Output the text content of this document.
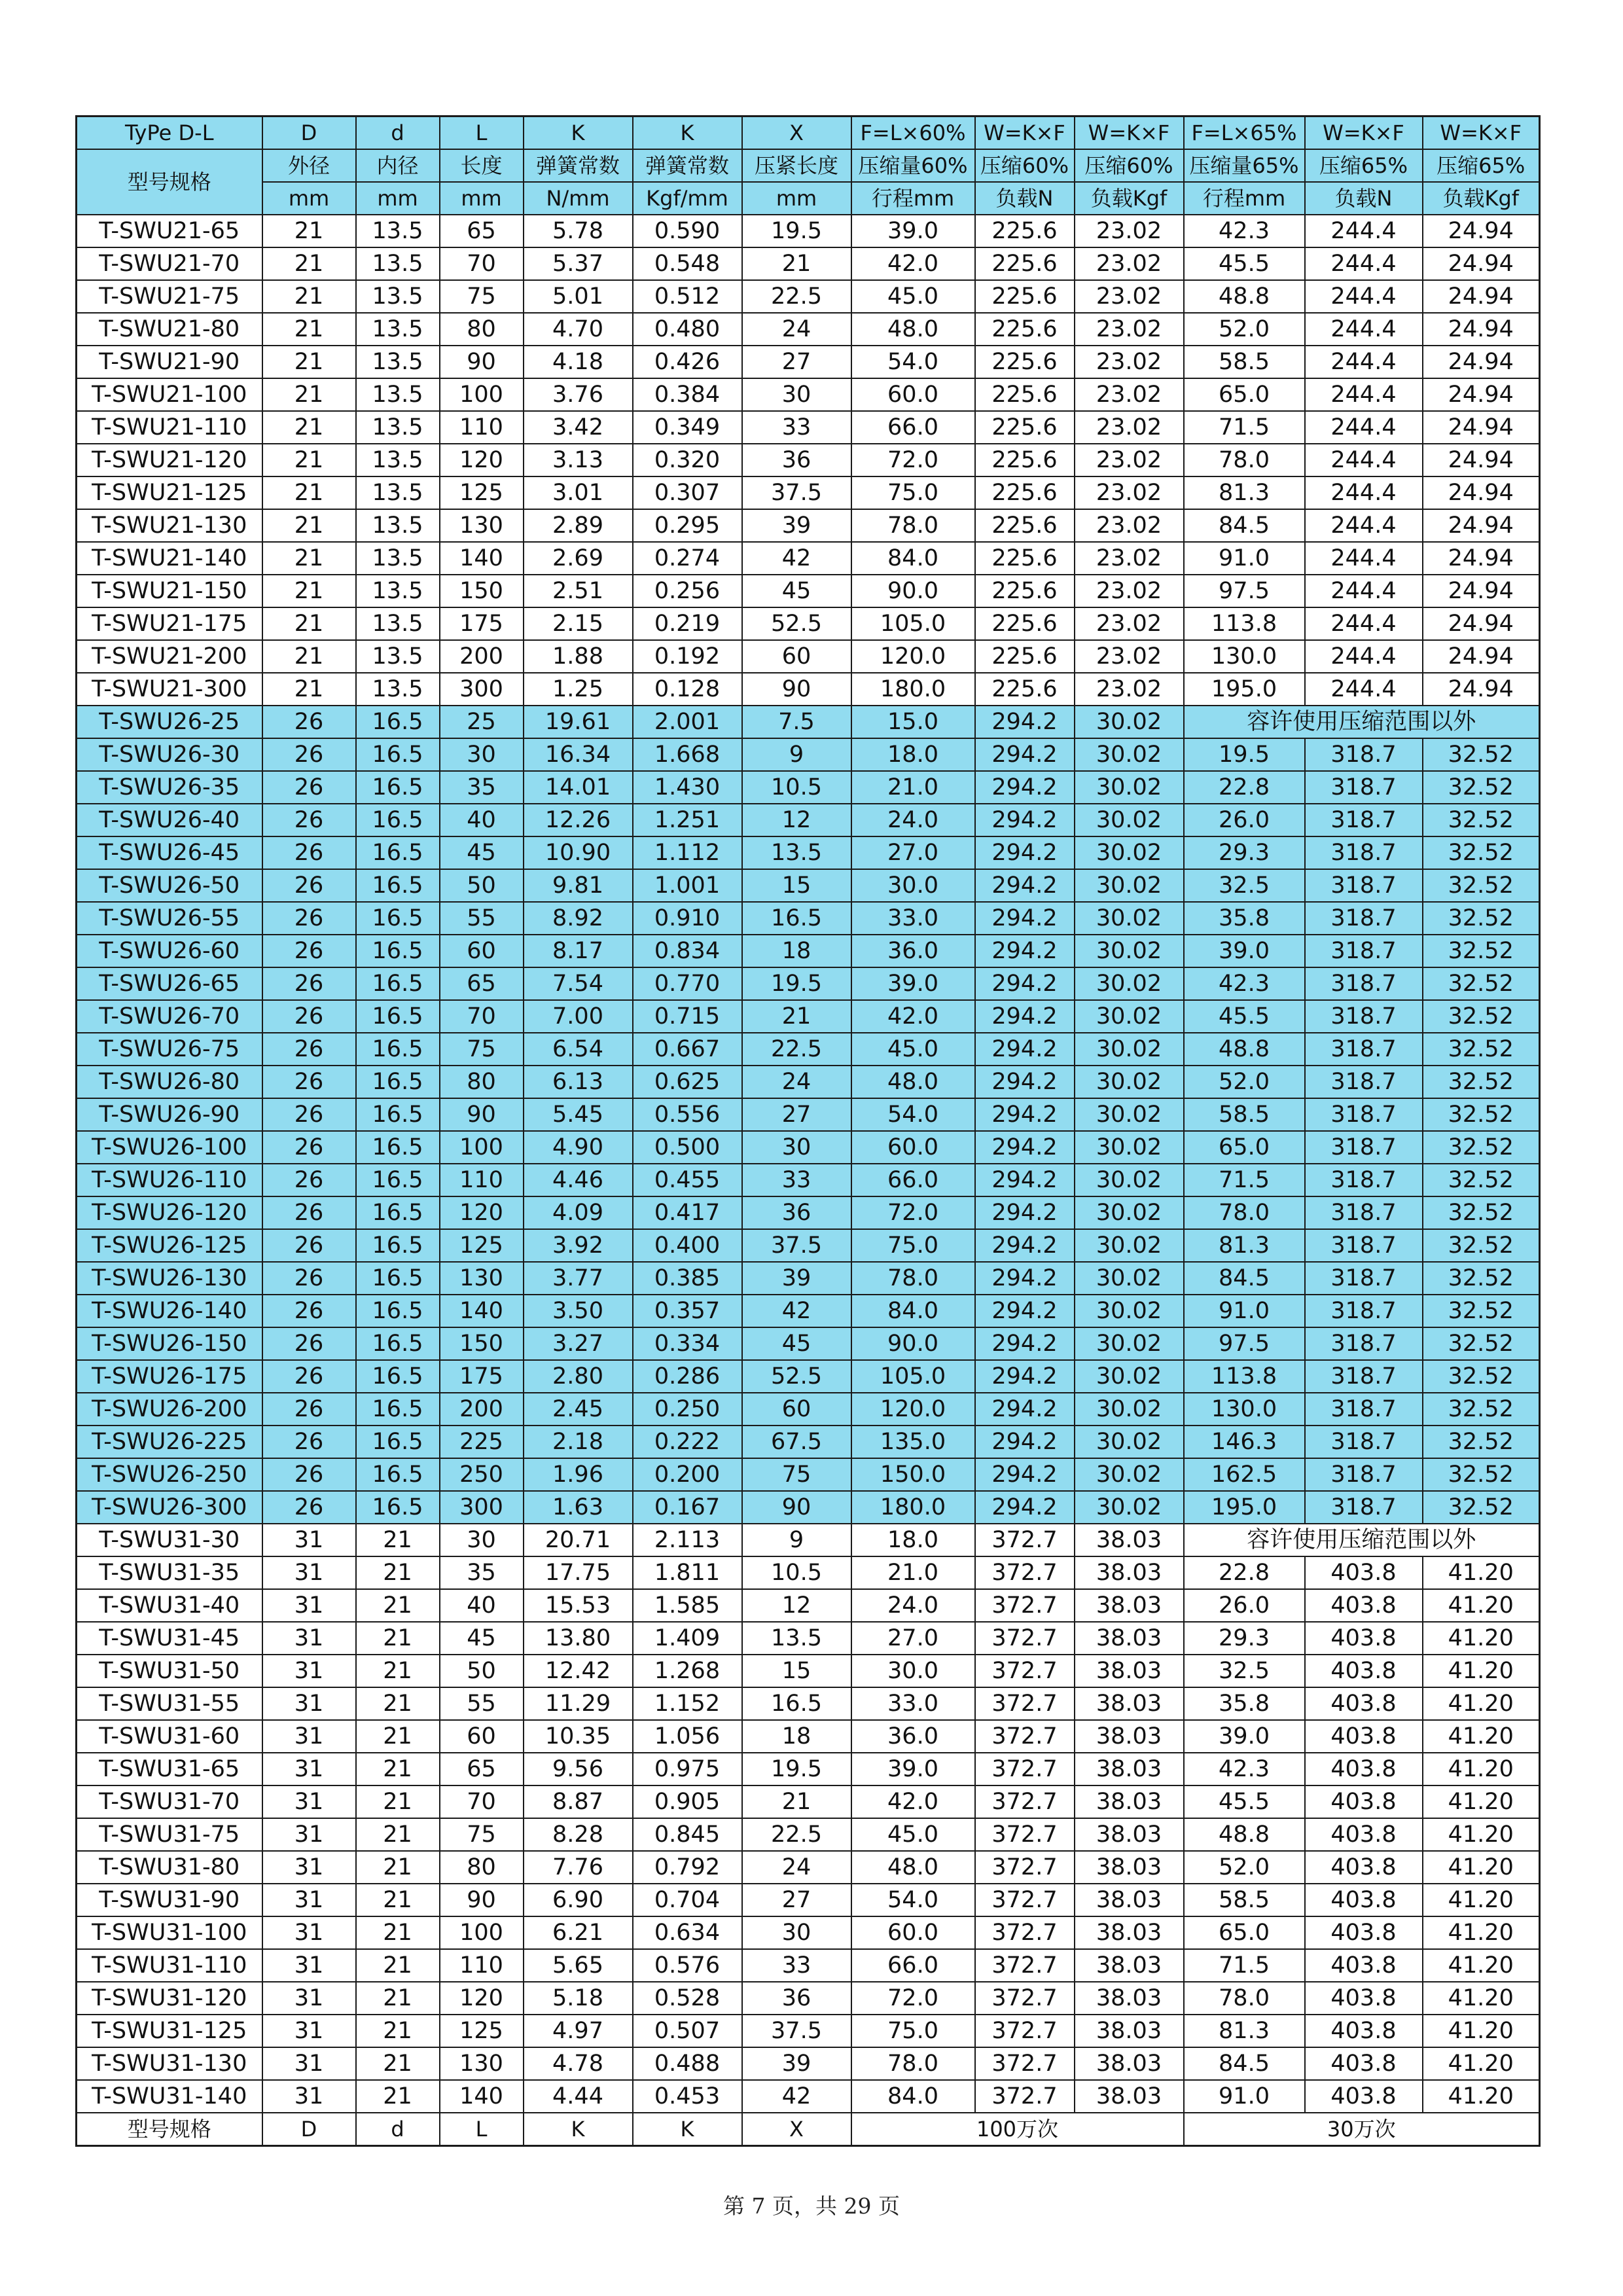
TyPe D-L	D	d	L	K	K	X	F=L×60%	W=K×F	W=K×F	F=L×65%	W=K×F	W=K×F
型号规格	外径	内径	长度	弹簧常数	弹簧常数	压紧长度	压缩量60%	压缩60%	压缩60%	压缩量65%	压缩65%	压缩65%
	mm	mm	mm	N/mm	Kgf/mm	mm	行程mm	负载N	负载Kgf	行程mm	负载N	负载Kgf
T-SWU21-65	21	13.5	65	5.78	0.590	19.5	39.0	225.6	23.02	42.3	244.4	24.94
T-SWU21-70	21	13.5	70	5.37	0.548	21	42.0	225.6	23.02	45.5	244.4	24.94
T-SWU21-75	21	13.5	75	5.01	0.512	22.5	45.0	225.6	23.02	48.8	244.4	24.94
T-SWU21-80	21	13.5	80	4.70	0.480	24	48.0	225.6	23.02	52.0	244.4	24.94
T-SWU21-90	21	13.5	90	4.18	0.426	27	54.0	225.6	23.02	58.5	244.4	24.94
T-SWU21-100	21	13.5	100	3.76	0.384	30	60.0	225.6	23.02	65.0	244.4	24.94
T-SWU21-110	21	13.5	110	3.42	0.349	33	66.0	225.6	23.02	71.5	244.4	24.94
T-SWU21-120	21	13.5	120	3.13	0.320	36	72.0	225.6	23.02	78.0	244.4	24.94
T-SWU21-125	21	13.5	125	3.01	0.307	37.5	75.0	225.6	23.02	81.3	244.4	24.94
T-SWU21-130	21	13.5	130	2.89	0.295	39	78.0	225.6	23.02	84.5	244.4	24.94
T-SWU21-140	21	13.5	140	2.69	0.274	42	84.0	225.6	23.02	91.0	244.4	24.94
T-SWU21-150	21	13.5	150	2.51	0.256	45	90.0	225.6	23.02	97.5	244.4	24.94
T-SWU21-175	21	13.5	175	2.15	0.219	52.5	105.0	225.6	23.02	113.8	244.4	24.94
T-SWU21-200	21	13.5	200	1.88	0.192	60	120.0	225.6	23.02	130.0	244.4	24.94
T-SWU21-300	21	13.5	300	1.25	0.128	90	180.0	225.6	23.02	195.0	244.4	24.94
T-SWU26-25	26	16.5	25	19.61	2.001	7.5	15.0	294.2	30.02	容许使用压缩范围以外		
T-SWU26-30	26	16.5	30	16.34	1.668	9	18.0	294.2	30.02	19.5	318.7	32.52
T-SWU26-35	26	16.5	35	14.01	1.430	10.5	21.0	294.2	30.02	22.8	318.7	32.52
T-SWU26-40	26	16.5	40	12.26	1.251	12	24.0	294.2	30.02	26.0	318.7	32.52
T-SWU26-45	26	16.5	45	10.90	1.112	13.5	27.0	294.2	30.02	29.3	318.7	32.52
T-SWU26-50	26	16.5	50	9.81	1.001	15	30.0	294.2	30.02	32.5	318.7	32.52
T-SWU26-55	26	16.5	55	8.92	0.910	16.5	33.0	294.2	30.02	35.8	318.7	32.52
T-SWU26-60	26	16.5	60	8.17	0.834	18	36.0	294.2	30.02	39.0	318.7	32.52
T-SWU26-65	26	16.5	65	7.54	0.770	19.5	39.0	294.2	30.02	42.3	318.7	32.52
T-SWU26-70	26	16.5	70	7.00	0.715	21	42.0	294.2	30.02	45.5	318.7	32.52
T-SWU26-75	26	16.5	75	6.54	0.667	22.5	45.0	294.2	30.02	48.8	318.7	32.52
T-SWU26-80	26	16.5	80	6.13	0.625	24	48.0	294.2	30.02	52.0	318.7	32.52
T-SWU26-90	26	16.5	90	5.45	0.556	27	54.0	294.2	30.02	58.5	318.7	32.52
T-SWU26-100	26	16.5	100	4.90	0.500	30	60.0	294.2	30.02	65.0	318.7	32.52
T-SWU26-110	26	16.5	110	4.46	0.455	33	66.0	294.2	30.02	71.5	318.7	32.52
T-SWU26-120	26	16.5	120	4.09	0.417	36	72.0	294.2	30.02	78.0	318.7	32.52
T-SWU26-125	26	16.5	125	3.92	0.400	37.5	75.0	294.2	30.02	81.3	318.7	32.52
T-SWU26-130	26	16.5	130	3.77	0.385	39	78.0	294.2	30.02	84.5	318.7	32.52
T-SWU26-140	26	16.5	140	3.50	0.357	42	84.0	294.2	30.02	91.0	318.7	32.52
T-SWU26-150	26	16.5	150	3.27	0.334	45	90.0	294.2	30.02	97.5	318.7	32.52
T-SWU26-175	26	16.5	175	2.80	0.286	52.5	105.0	294.2	30.02	113.8	318.7	32.52
T-SWU26-200	26	16.5	200	2.45	0.250	60	120.0	294.2	30.02	130.0	318.7	32.52
T-SWU26-225	26	16.5	225	2.18	0.222	67.5	135.0	294.2	30.02	146.3	318.7	32.52
T-SWU26-250	26	16.5	250	1.96	0.200	75	150.0	294.2	30.02	162.5	318.7	32.52
T-SWU26-300	26	16.5	300	1.63	0.167	90	180.0	294.2	30.02	195.0	318.7	32.52
T-SWU31-30	31	21	30	20.71	2.113	9	18.0	372.7	38.03	容许使用压缩范围以外		
T-SWU31-35	31	21	35	17.75	1.811	10.5	21.0	372.7	38.03	22.8	403.8	41.20
T-SWU31-40	31	21	40	15.53	1.585	12	24.0	372.7	38.03	26.0	403.8	41.20
T-SWU31-45	31	21	45	13.80	1.409	13.5	27.0	372.7	38.03	29.3	403.8	41.20
T-SWU31-50	31	21	50	12.42	1.268	15	30.0	372.7	38.03	32.5	403.8	41.20
T-SWU31-55	31	21	55	11.29	1.152	16.5	33.0	372.7	38.03	35.8	403.8	41.20
T-SWU31-60	31	21	60	10.35	1.056	18	36.0	372.7	38.03	39.0	403.8	41.20
T-SWU31-65	31	21	65	9.56	0.975	19.5	39.0	372.7	38.03	42.3	403.8	41.20
T-SWU31-70	31	21	70	8.87	0.905	21	42.0	372.7	38.03	45.5	403.8	41.20
T-SWU31-75	31	21	75	8.28	0.845	22.5	45.0	372.7	38.03	48.8	403.8	41.20
T-SWU31-80	31	21	80	7.76	0.792	24	48.0	372.7	38.03	52.0	403.8	41.20
T-SWU31-90	31	21	90	6.90	0.704	27	54.0	372.7	38.03	58.5	403.8	41.20
T-SWU31-100	31	21	100	6.21	0.634	30	60.0	372.7	38.03	65.0	403.8	41.20
T-SWU31-110	31	21	110	5.65	0.576	33	66.0	372.7	38.03	71.5	403.8	41.20
T-SWU31-120	31	21	120	5.18	0.528	36	72.0	372.7	38.03	78.0	403.8	41.20
T-SWU31-125	31	21	125	4.97	0.507	37.5	75.0	372.7	38.03	81.3	403.8	41.20
T-SWU31-130	31	21	130	4.78	0.488	39	78.0	372.7	38.03	84.5	403.8	41.20
T-SWU31-140	31	21	140	4.44	0.453	42	84.0	372.7	38.03	91.0	403.8	41.20
型号规格	D	d	L	K	K	X	100万次			30万次		
第 7 页，共 29 页
